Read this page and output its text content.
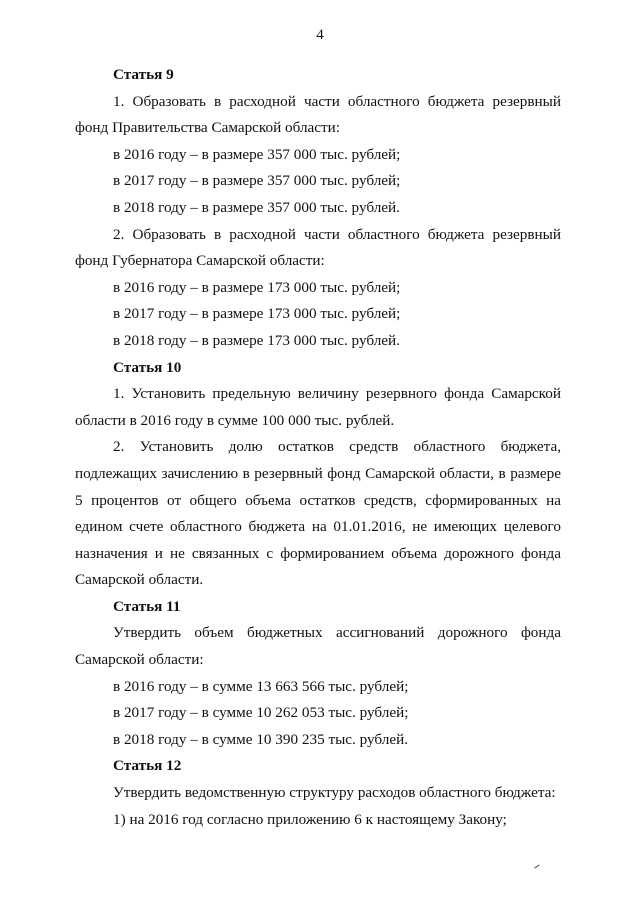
4

Статья 9

1. Образовать в расходной части областного бюджета резервный фонд Правительства Самарской области:

в 2016 году – в размере 357 000 тыс. рублей;

в 2017 году – в размере 357 000 тыс. рублей;

в 2018 году – в размере 357 000 тыс. рублей.

2. Образовать в расходной части областного бюджета резервный фонд Губернатора Самарской области:

в 2016 году – в размере 173 000 тыс. рублей;

в 2017 году – в размере 173 000 тыс. рублей;

в 2018 году – в размере 173 000 тыс. рублей.

Статья 10

1. Установить предельную величину резервного фонда Самарской области в 2016 году в сумме 100 000 тыс. рублей.

2. Установить долю остатков средств областного бюджета, подлежащих зачислению в резервный фонд Самарской области, в размере 5 процентов от общего объема остатков средств, сформированных на едином счете областного бюджета на 01.01.2016, не имеющих целевого назначения и не связанных с формированием объема дорожного фонда Самарской области.

Статья 11

Утвердить объем бюджетных ассигнований дорожного фонда Самарской области:

в 2016 году – в сумме 13 663 566 тыс. рублей;

в 2017 году – в сумме 10 262 053 тыс. рублей;

в 2018 году – в сумме 10 390 235 тыс. рублей.

Статья 12

Утвердить ведомственную структуру расходов областного бюджета:

1) на 2016 год согласно приложению 6 к настоящему Закону;
